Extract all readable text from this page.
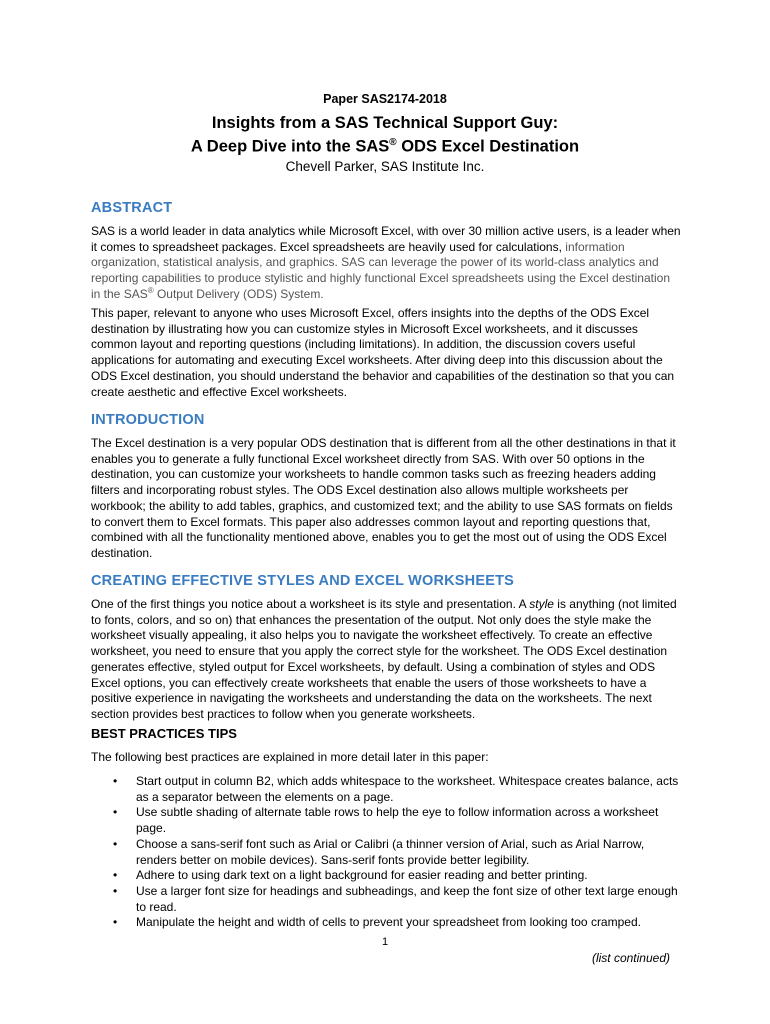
Paper SAS2174-2018
Insights from a SAS Technical Support Guy:
A Deep Dive into the SAS® ODS Excel Destination
Chevell Parker, SAS Institute Inc.
ABSTRACT

SAS is a world leader in data analytics while Microsoft Excel, with over 30 million active users, is a leader when it comes to spreadsheet packages. Excel spreadsheets are heavily used for calculations, information organization, statistical analysis, and graphics. SAS can leverage the power of its world-class analytics and reporting capabilities to produce stylistic and highly functional Excel spreadsheets using the Excel destination in the SAS® Output Delivery (ODS) System.

This paper, relevant to anyone who uses Microsoft Excel, offers insights into the depths of the ODS Excel destination by illustrating how you can customize styles in Microsoft Excel worksheets, and it discusses common layout and reporting questions (including limitations). In addition, the discussion covers useful applications for automating and executing Excel worksheets. After diving deep into this discussion about the ODS Excel destination, you should understand the behavior and capabilities of the destination so that you can create aesthetic and effective Excel worksheets.

INTRODUCTION

The Excel destination is a very popular ODS destination that is different from all the other destinations in that it enables you to generate a fully functional Excel worksheet directly from SAS. With over 50 options in the destination, you can customize your worksheets to handle common tasks such as freezing headers adding filters and incorporating robust styles. The ODS Excel destination also allows multiple worksheets per workbook; the ability to add tables, graphics, and customized text; and the ability to use SAS formats on fields to convert them to Excel formats. This paper also addresses common layout and reporting questions that, combined with all the functionality mentioned above, enables you to get the most out of using the ODS Excel destination.

CREATING EFFECTIVE STYLES AND EXCEL WORKSHEETS

One of the first things you notice about a worksheet is its style and presentation. A style is anything (not limited to fonts, colors, and so on) that enhances the presentation of the output. Not only does the style make the worksheet visually appealing, it also helps you to navigate the worksheet effectively. To create an effective worksheet, you need to ensure that you apply the correct style for the worksheet. The ODS Excel destination generates effective, styled output for Excel worksheets, by default. Using a combination of styles and ODS Excel options, you can effectively create worksheets that enable the users of those worksheets to have a positive experience in navigating the worksheets and understanding the data on the worksheets. The next section provides best practices to follow when you generate worksheets.

BEST PRACTICES TIPS

The following best practices are explained in more detail later in this paper:

• Start output in column B2, which adds whitespace to the worksheet. Whitespace creates balance, acts as a separator between the elements on a page.
• Use subtle shading of alternate table rows to help the eye to follow information across a worksheet page.
• Choose a sans-serif font such as Arial or Calibri (a thinner version of Arial, such as Arial Narrow, renders better on mobile devices). Sans-serif fonts provide better legibility.
• Adhere to using dark text on a light background for easier reading and better printing.
• Use a larger font size for headings and subheadings, and keep the font size of other text large enough to read.
• Manipulate the height and width of cells to prevent your spreadsheet from looking too cramped.
1
(list continued)
